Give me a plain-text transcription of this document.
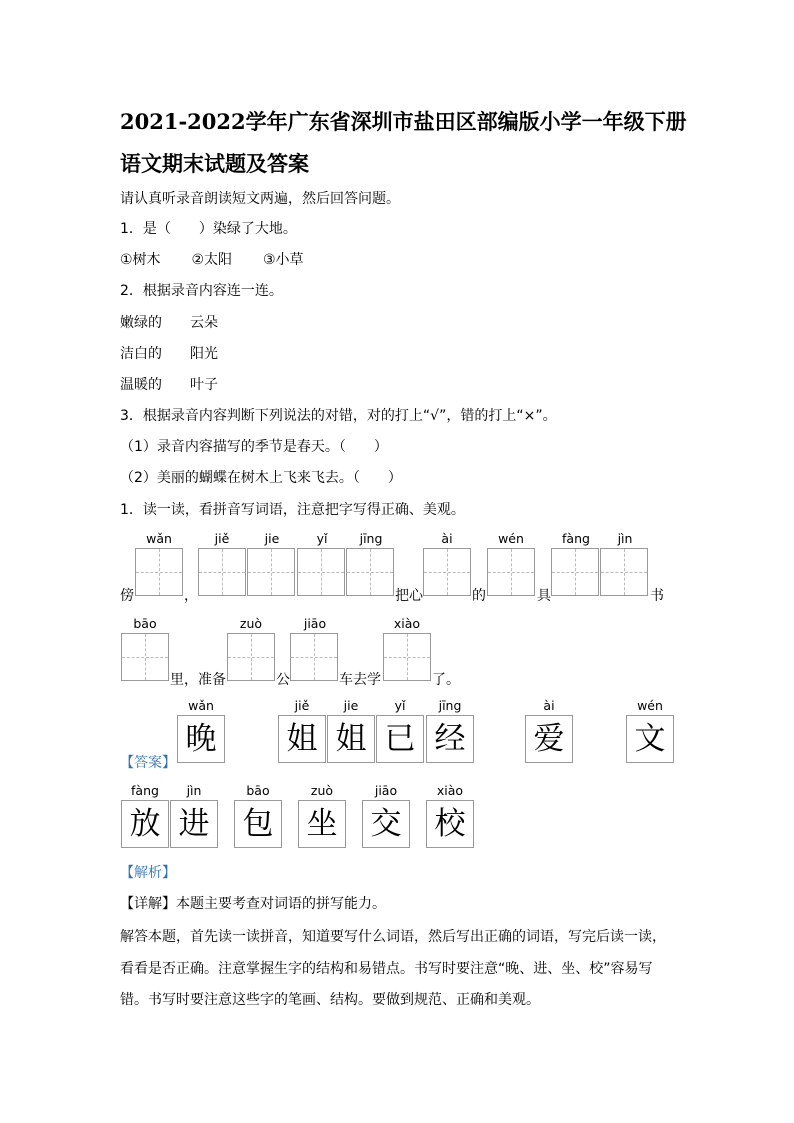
2021-2022学年广东省深圳市盐田区部编版小学一年级下册
语文期末试题及答案
请认真听录音朗读短文两遍，然后回答问题。
1．是（　　）染绿了大地。
①树木 ②太阳 ③小草
2．根据录音内容连一连。
嫩绿的 云朵
洁白的 阳光
温暖的 叶子
3．根据录音内容判断下列说法的对错，对的打上“√”，错的打上“×”。
（1）录音内容描写的季节是春天。（　　）
（2）美丽的蝴蝶在树木上飞来飞去。（　　）
1．读一读，看拼音写词语，注意把字写得正确、美观。
wǎn	jiě	jie	yǐ	jīng	ài	wén	fàng	jìn
傍	，	把心	的	具	书
bāo	zuò	jiāo	xiào
里，准备	公	车去学	了。
【答案】
wǎn	jiě	jie	yǐ	jīng	ài	wén
晚 姐 姐 已 经 爱 文
fàng	jìn	bāo	zuò	jiāo	xiào
放 进 包 坐 交 校
【解析】
【详解】本题主要考查对词语的拼写能力。
解答本题，首先读一读拼音，知道要写什么词语，然后写出正确的词语，写完后读一读，
看看是否正确。注意掌握生字的结构和易错点。书写时要注意“晚、进、坐、校”容易写
错。书写时要注意这些字的笔画、结构。要做到规范、正确和美观。
